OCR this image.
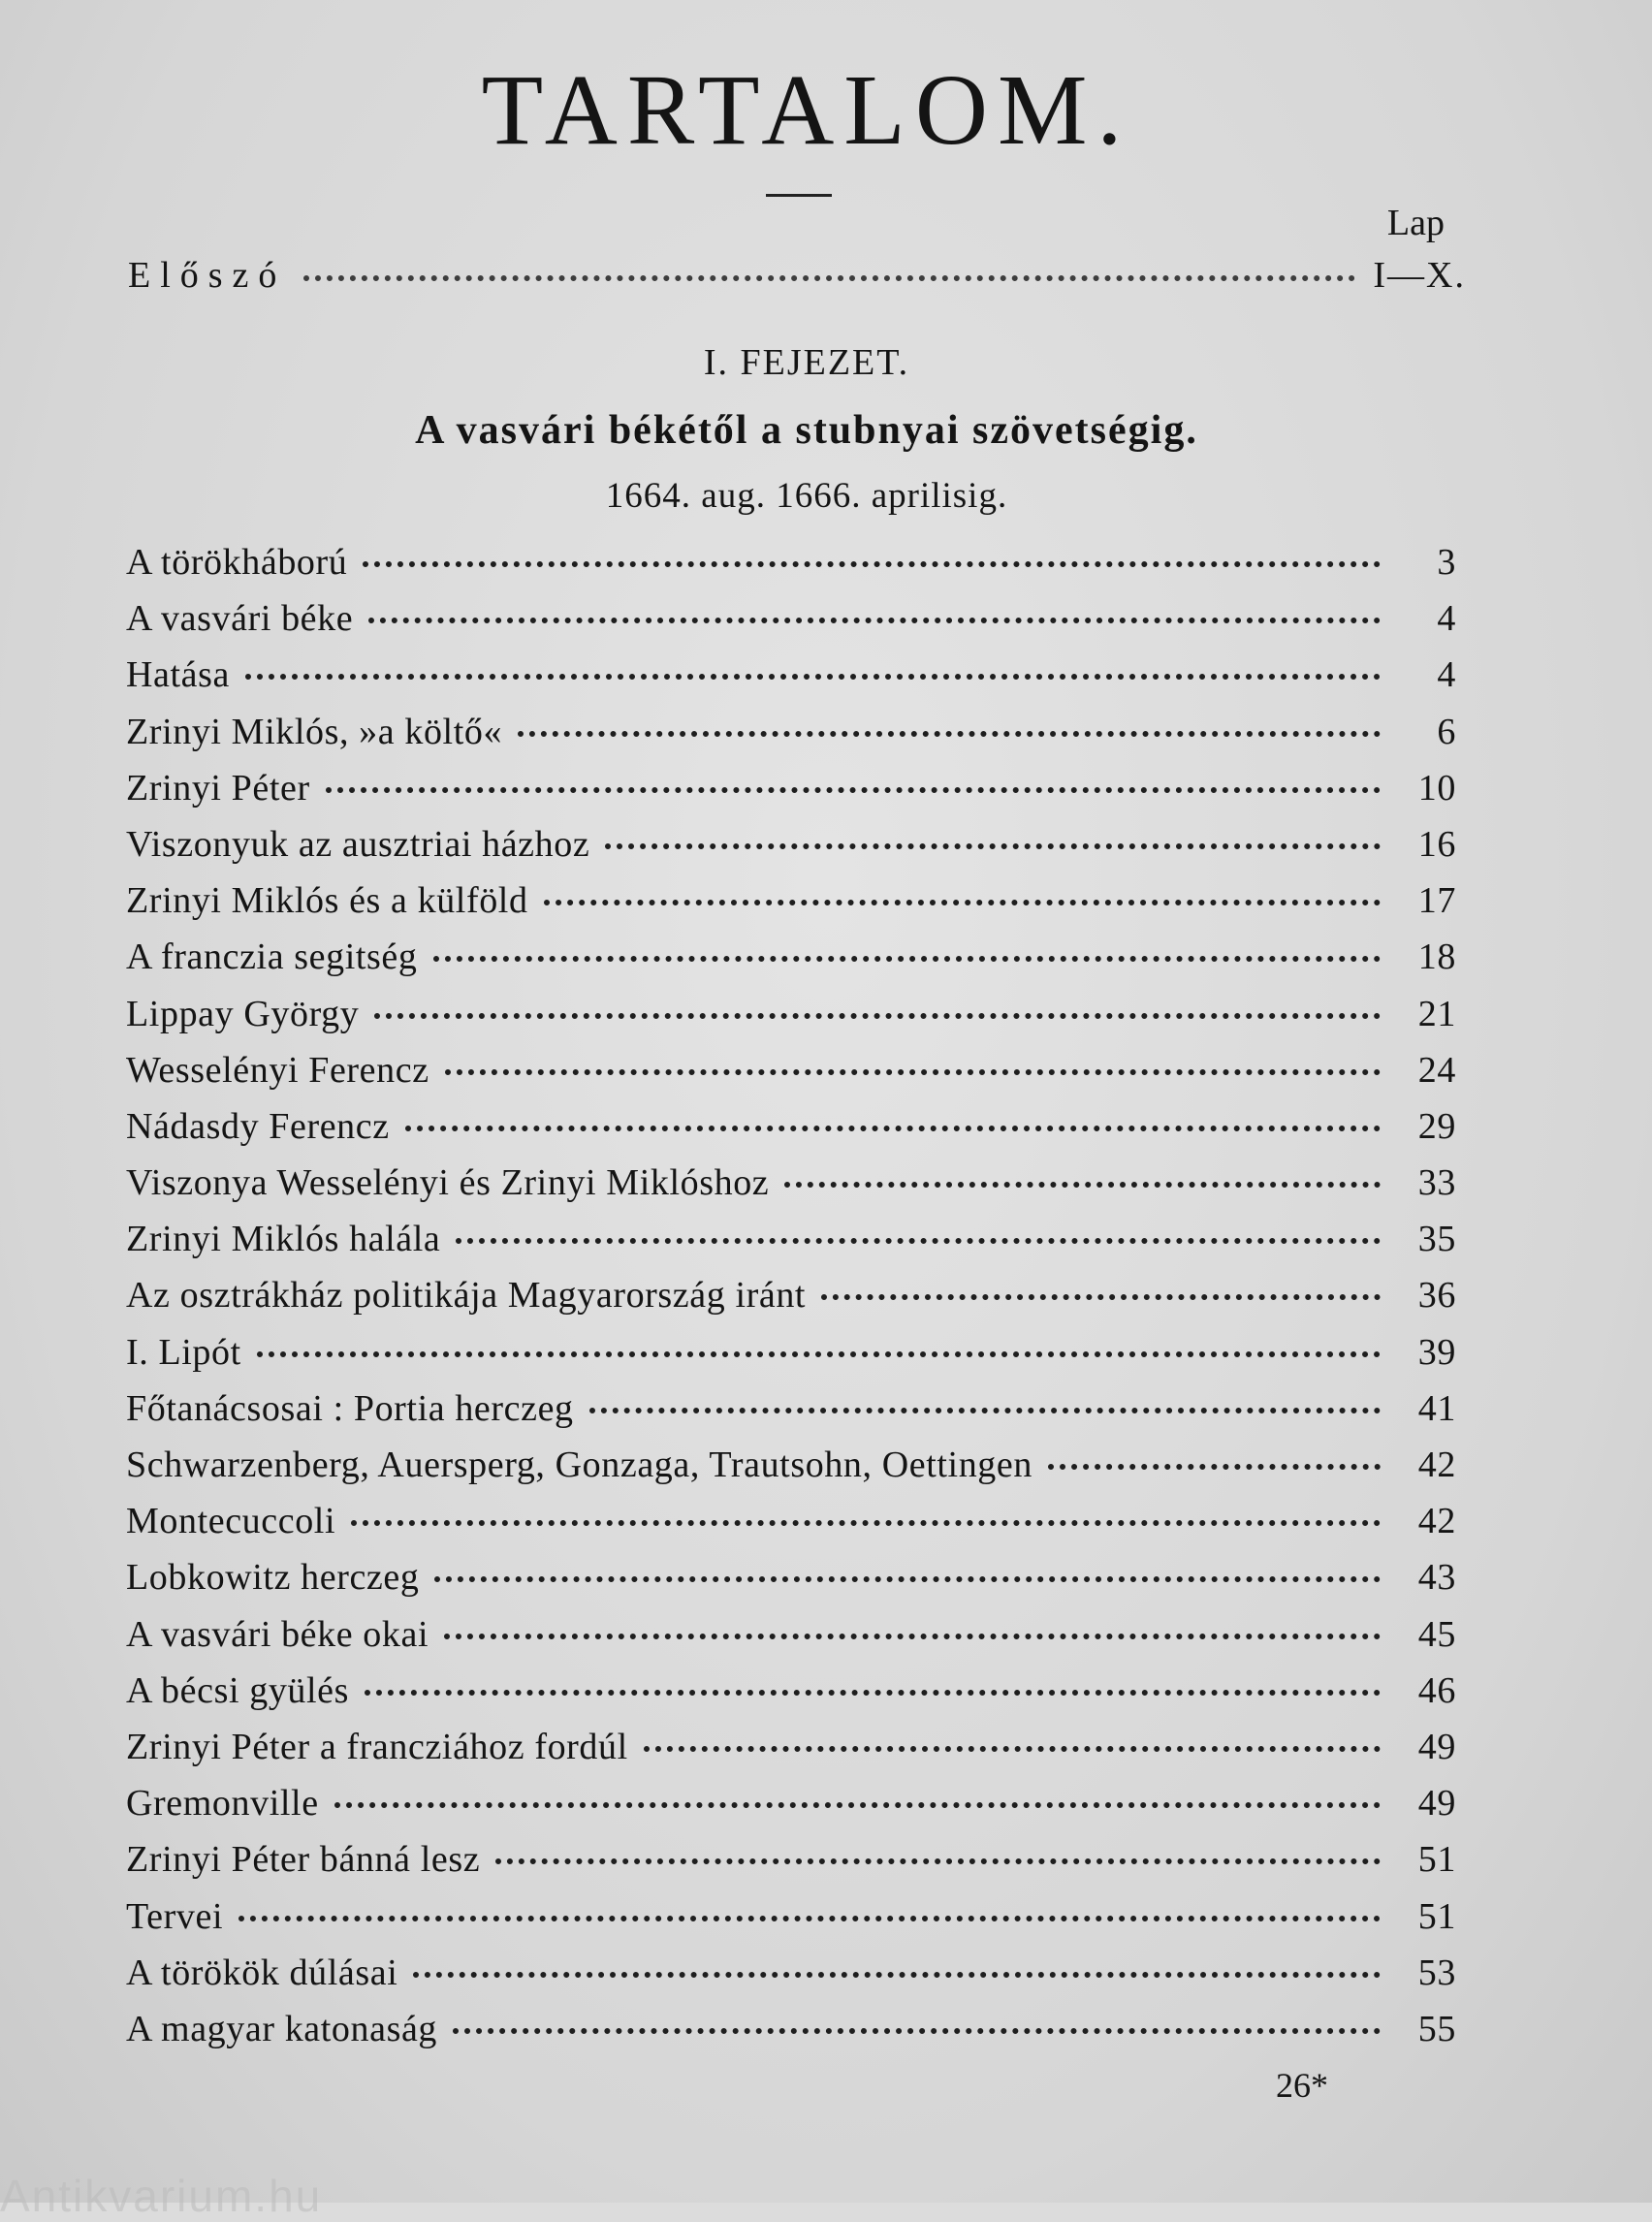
TARTALOM.
Lap
Előszó	I—X.
I. FEJEZET.
A vasvári békétől a stubnyai szövetségig.
1664. aug. 1666. aprilisig.
A törökháború	3
A vasvári béke	4
Hatása	4
Zrinyi Miklós, »a költő«	6
Zrinyi Péter	10
Viszonyuk az ausztriai házhoz	16
Zrinyi Miklós és a külföld	17
A franczia segitség	18
Lippay György	21
Wesselényi Ferencz	24
Nádasdy Ferencz	29
Viszonya Wesselényi és Zrinyi Miklóshoz	33
Zrinyi Miklós halála	35
Az osztrákház politikája Magyarország iránt	36
I. Lipót	39
Főtanácsosai : Portia herczeg	41
Schwarzenberg, Auersperg, Gonzaga, Trautsohn, Oettingen	42
Montecuccoli	42
Lobkowitz herczeg	43
A vasvári béke okai	45
A bécsi gyülés	46
Zrinyi Péter a francziához fordúl	49
Gremonville	49
Zrinyi Péter bánná lesz	51
Tervei	51
A törökök dúlásai	53
A magyar katonaság	55
26*
Antikvarium.hu
